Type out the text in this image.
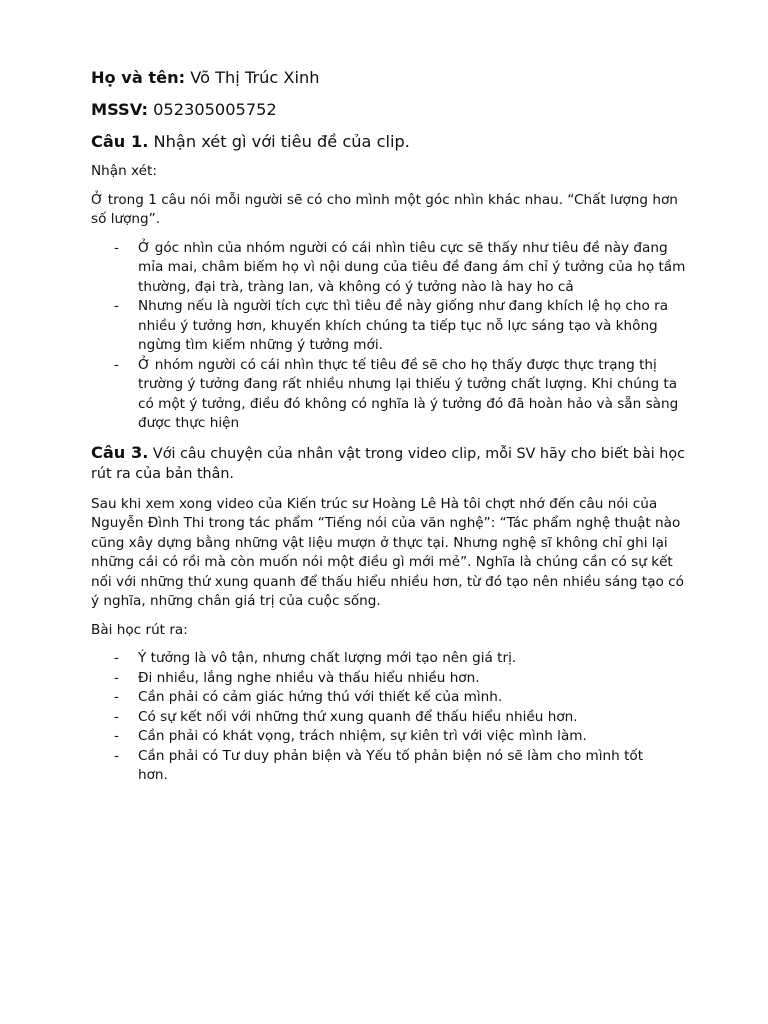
Họ và tên: Võ Thị Trúc Xinh
MSSV: 052305005752
Câu 1. Nhận xét gì với tiêu đề của clip.

Nhận xét:

Ở trong 1 câu nói mỗi người sẽ có cho mình một góc nhìn khác nhau. “Chất lượng hơn số lượng”.

- Ở góc nhìn của nhóm người có cái nhìn tiêu cực sẽ thấy như tiêu đề này đang mỉa mai, châm biếm họ vì nội dung của tiêu đề đang ám chỉ ý tưởng của họ tầm thường, đại trà, tràng lan, và không có ý tưởng nào là hay ho cả
- Nhưng nếu là người tích cực thì tiêu đề này giống như đang khích lệ họ cho ra nhiều ý tưởng hơn, khuyến khích chúng ta tiếp tục nỗ lực sáng tạo và không ngừng tìm kiếm những ý tưởng mới.
- Ở nhóm người có cái nhìn thực tế tiêu đề sẽ cho họ thấy được thực trạng thị trường ý tưởng đang rất nhiều nhưng lại thiếu ý tưởng chất lượng. Khi chúng ta có một ý tưởng, điều đó không có nghĩa là ý tưởng đó đã hoàn hảo và sẵn sàng được thực hiện
Câu 3. Với câu chuyện của nhân vật trong video clip, mỗi SV hãy cho biết bài học rút ra của bản thân.

Sau khi xem xong video của Kiến trúc sư Hoàng Lê Hà tôi chợt nhớ đến câu nói của Nguyễn Đình Thi trong tác phẩm “Tiếng nói của văn nghệ”: “Tác phẩm nghệ thuật nào cũng xây dựng bằng những vật liệu mượn ở thực tại. Nhưng nghệ sĩ không chỉ ghi lại những cái có rồi mà còn muốn nói một điều gì mới mẻ”. Nghĩa là chúng cần có sự kết nối với những thứ xung quanh để thấu hiểu nhiều hơn, từ đó tạo nên nhiều sáng tạo có ý nghĩa, những chân giá trị của cuộc sống.

Bài học rút ra:

- Ý tưởng là vô tận, nhưng chất lượng mới tạo nên giá trị.
- Đi nhiều, lắng nghe nhiều và thấu hiểu nhiều hơn.
- Cần phải có cảm giác hứng thú với thiết kế của mình.
- Có sự kết nối với những thứ xung quanh để thấu hiểu nhiều hơn.
- Cần phải có khát vọng, trách nhiệm, sự kiên trì với việc mình làm.
- Cần phải có Tư duy phản biện và Yếu tố phản biện nó sẽ làm cho mình tốt hơn.
